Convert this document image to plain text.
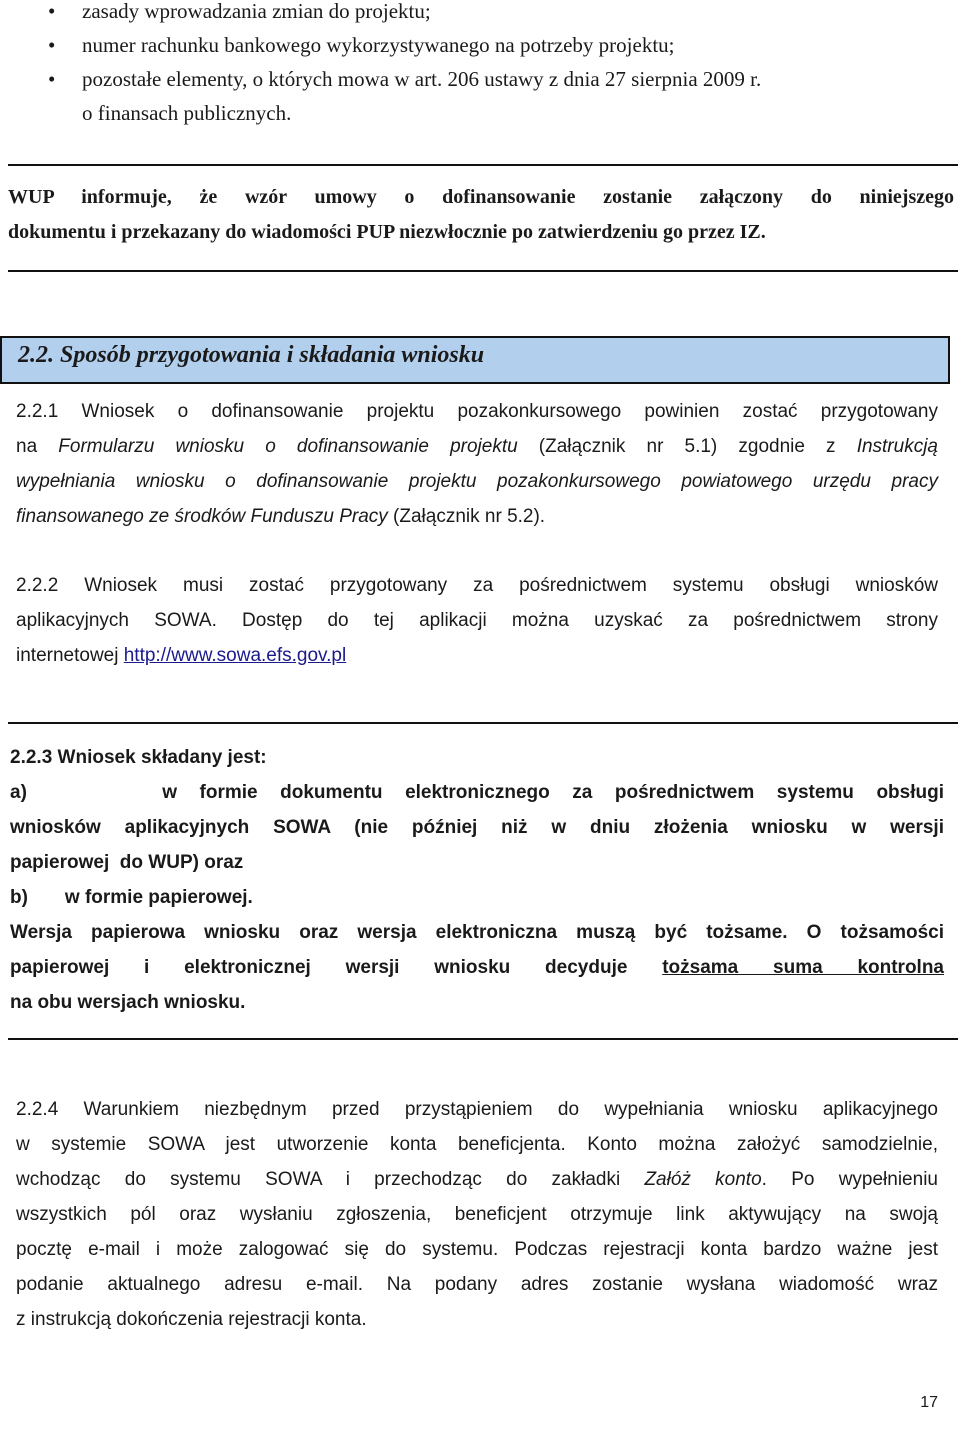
• zasady wprowadzania zmian do projektu;
• numer rachunku bankowego wykorzystywanego na potrzeby projektu;
• pozostałe elementy, o których mowa w art. 206 ustawy z dnia 27 sierpnia 2009 r.
o finansach publicznych.
WUP informuje, że wzór umowy o dofinansowanie zostanie załączony do niniejszego
dokumentu i przekazany do wiadomości PUP niezwłocznie po zatwierdzeniu go przez IZ.
2.2. Sposób przygotowania i składania wniosku
2.2.1 Wniosek o dofinansowanie projektu pozakonkursowego powinien zostać przygotowany
na Formularzu wniosku o dofinansowanie projektu (Załącznik nr 5.1) zgodnie z Instrukcją
wypełniania wniosku o dofinansowanie projektu pozakonkursowego powiatowego urzędu pracy
finansowanego ze środków Funduszu Pracy (Załącznik nr 5.2).
2.2.2 Wniosek musi zostać przygotowany za pośrednictwem systemu obsługi wniosków
aplikacyjnych SOWA. Dostęp do tej aplikacji można uzyskać za pośrednictwem strony
internetowej http://www.sowa.efs.gov.pl
2.2.3 Wniosek składany jest:
a)      w formie dokumentu elektronicznego za pośrednictwem systemu obsługi
wniosków aplikacyjnych SOWA (nie później niż w dniu złożenia wniosku w wersji
papierowej  do WUP) oraz
b)       w formie papierowej.
Wersja papierowa wniosku oraz wersja elektroniczna muszą być tożsame. O tożsamości
papierowej i elektronicznej wersji wniosku decyduje tożsama suma kontrolna
na obu wersjach wniosku.
2.2.4 Warunkiem niezbędnym przed przystąpieniem do wypełniania wniosku aplikacyjnego
w systemie SOWA jest utworzenie konta beneficjenta. Konto można założyć samodzielnie,
wchodząc do systemu SOWA i przechodząc do zakładki Załóż konto. Po wypełnieniu
wszystkich pól oraz wysłaniu zgłoszenia, beneficjent otrzymuje link aktywujący na swoją
pocztę e-mail i może zalogować się do systemu. Podczas rejestracji konta bardzo ważne jest
podanie aktualnego adresu e-mail. Na podany adres zostanie wysłana wiadomość wraz
z instrukcją dokończenia rejestracji konta.
17
